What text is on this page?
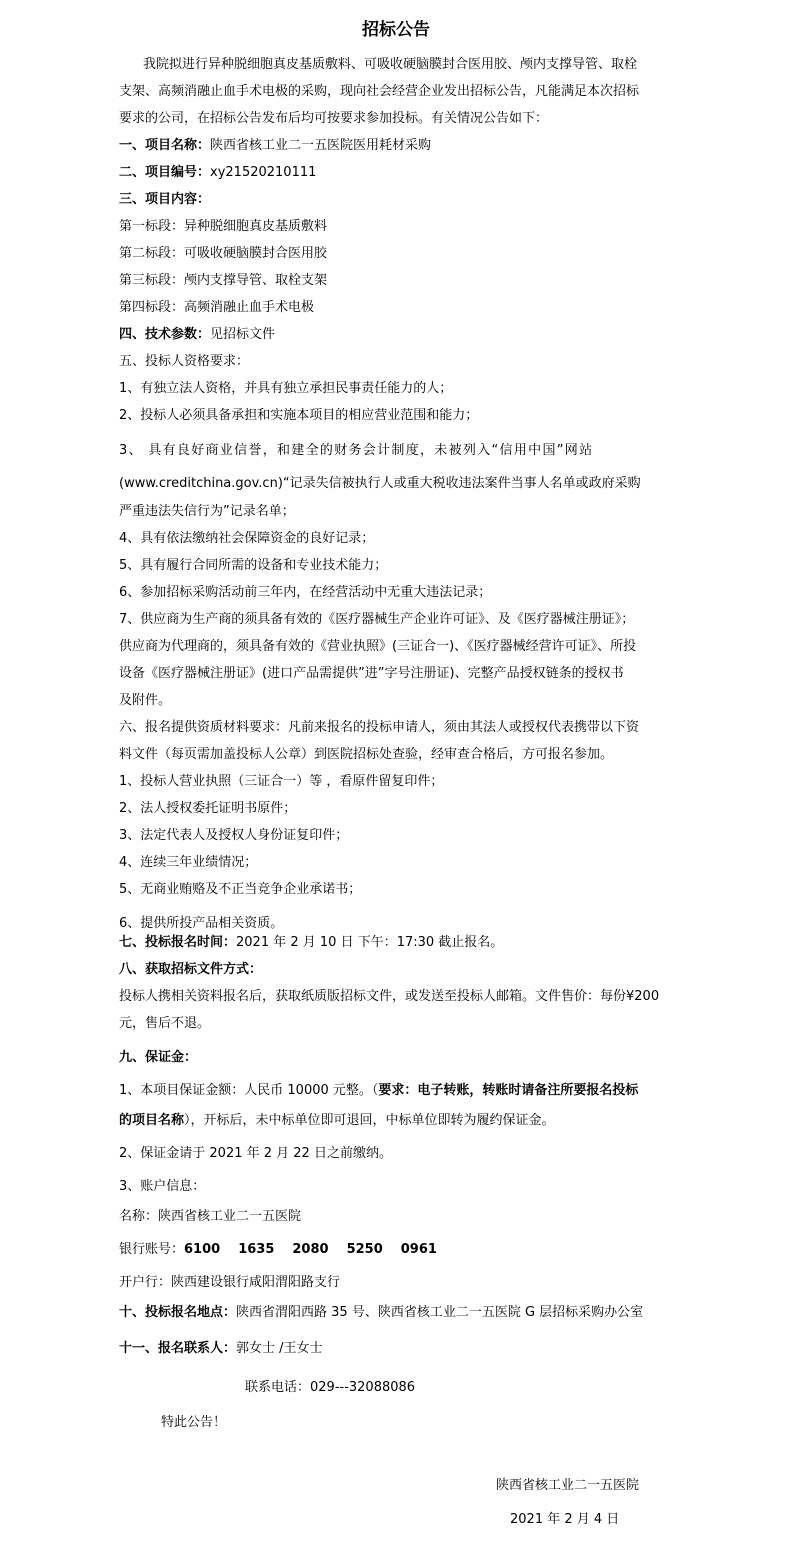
招标公告
我院拟进行异种脱细胞真皮基质敷料、可吸收硬脑膜封合医用胶、颅内支撑导管、取栓
支架、高频消融止血手术电极的采购，现向社会经营企业发出招标公告，凡能满足本次招标
要求的公司，在招标公告发布后均可按要求参加投标。有关情况公告如下：
一、项目名称：陕西省核工业二一五医院医用耗材采购
二、项目编号：xy21520210111
三、项目内容：
第一标段：异种脱细胞真皮基质敷料
第二标段：可吸收硬脑膜封合医用胶
第三标段：颅内支撑导管、取栓支架
第四标段：高频消融止血手术电极
四、技术参数：见招标文件
五、投标人资格要求：
1、有独立法人资格，并具有独立承担民事责任能力的人；
2、投标人必须具备承担和实施本项目的相应营业范围和能力；
3、 具有良好商业信誉，和建全的财务会计制度，未被列入“信用中国”网站
(www.creditchina.gov.cn)“记录失信被执行人或重大税收违法案件当事人名单或政府采购
严重违法失信行为”记录名单；
4、具有依法缴纳社会保障资金的良好记录；
5、具有履行合同所需的设备和专业技术能力；
6、参加招标采购活动前三年内，在经营活动中无重大违法记录；
7、供应商为生产商的须具备有效的《医疗器械生产企业许可证》、及《医疗器械注册证》；
供应商为代理商的，须具备有效的《营业执照》(三证合一)、《医疗器械经营许可证》、所投
设备《医疗器械注册证》(进口产品需提供”进”字号注册证)、完整产品授权链条的授权书
及附件。
六、报名提供资质材料要求：凡前来报名的投标申请人，须由其法人或授权代表携带以下资
料文件（每页需加盖投标人公章）到医院招标处查验，经审查合格后，方可报名参加。
1、投标人营业执照（三证合一）等 ，看原件留复印件；
2、法人授权委托证明书原件；
3、法定代表人及授权人身份证复印件；
4、连续三年业绩情况；
5、无商业贿赂及不正当竞争企业承诺书；
6、提供所投产品相关资质。
七、投标报名时间：2021 年 2 月 10 日 下午：17:30 截止报名。
八、获取招标文件方式：
投标人携相关资料报名后，获取纸质版招标文件，或发送至投标人邮箱。文件售价：每份¥200
元，售后不退。
九、保证金：
1、本项目保证金额：人民币 10000 元整。（要求：电子转账，转账时请备注所要报名投标
的项目名称），开标后，未中标单位即可退回，中标单位即转为履约保证金。
2、保证金请于 2021 年 2 月 22 日之前缴纳。
3、账户信息：
名称：陕西省核工业二一五医院
银行账号：6100 1635 2080 5250 0961
开户行：陕西建设银行咸阳渭阳路支行
十、投标报名地点：陕西省渭阳西路 35 号、陕西省核工业二一五医院 G 层招标采购办公室
十一、报名联系人：郭女士 /王女士
联系电话：029---32088086
特此公告！
陕西省核工业二一五医院
2021 年 2 月 4 日
